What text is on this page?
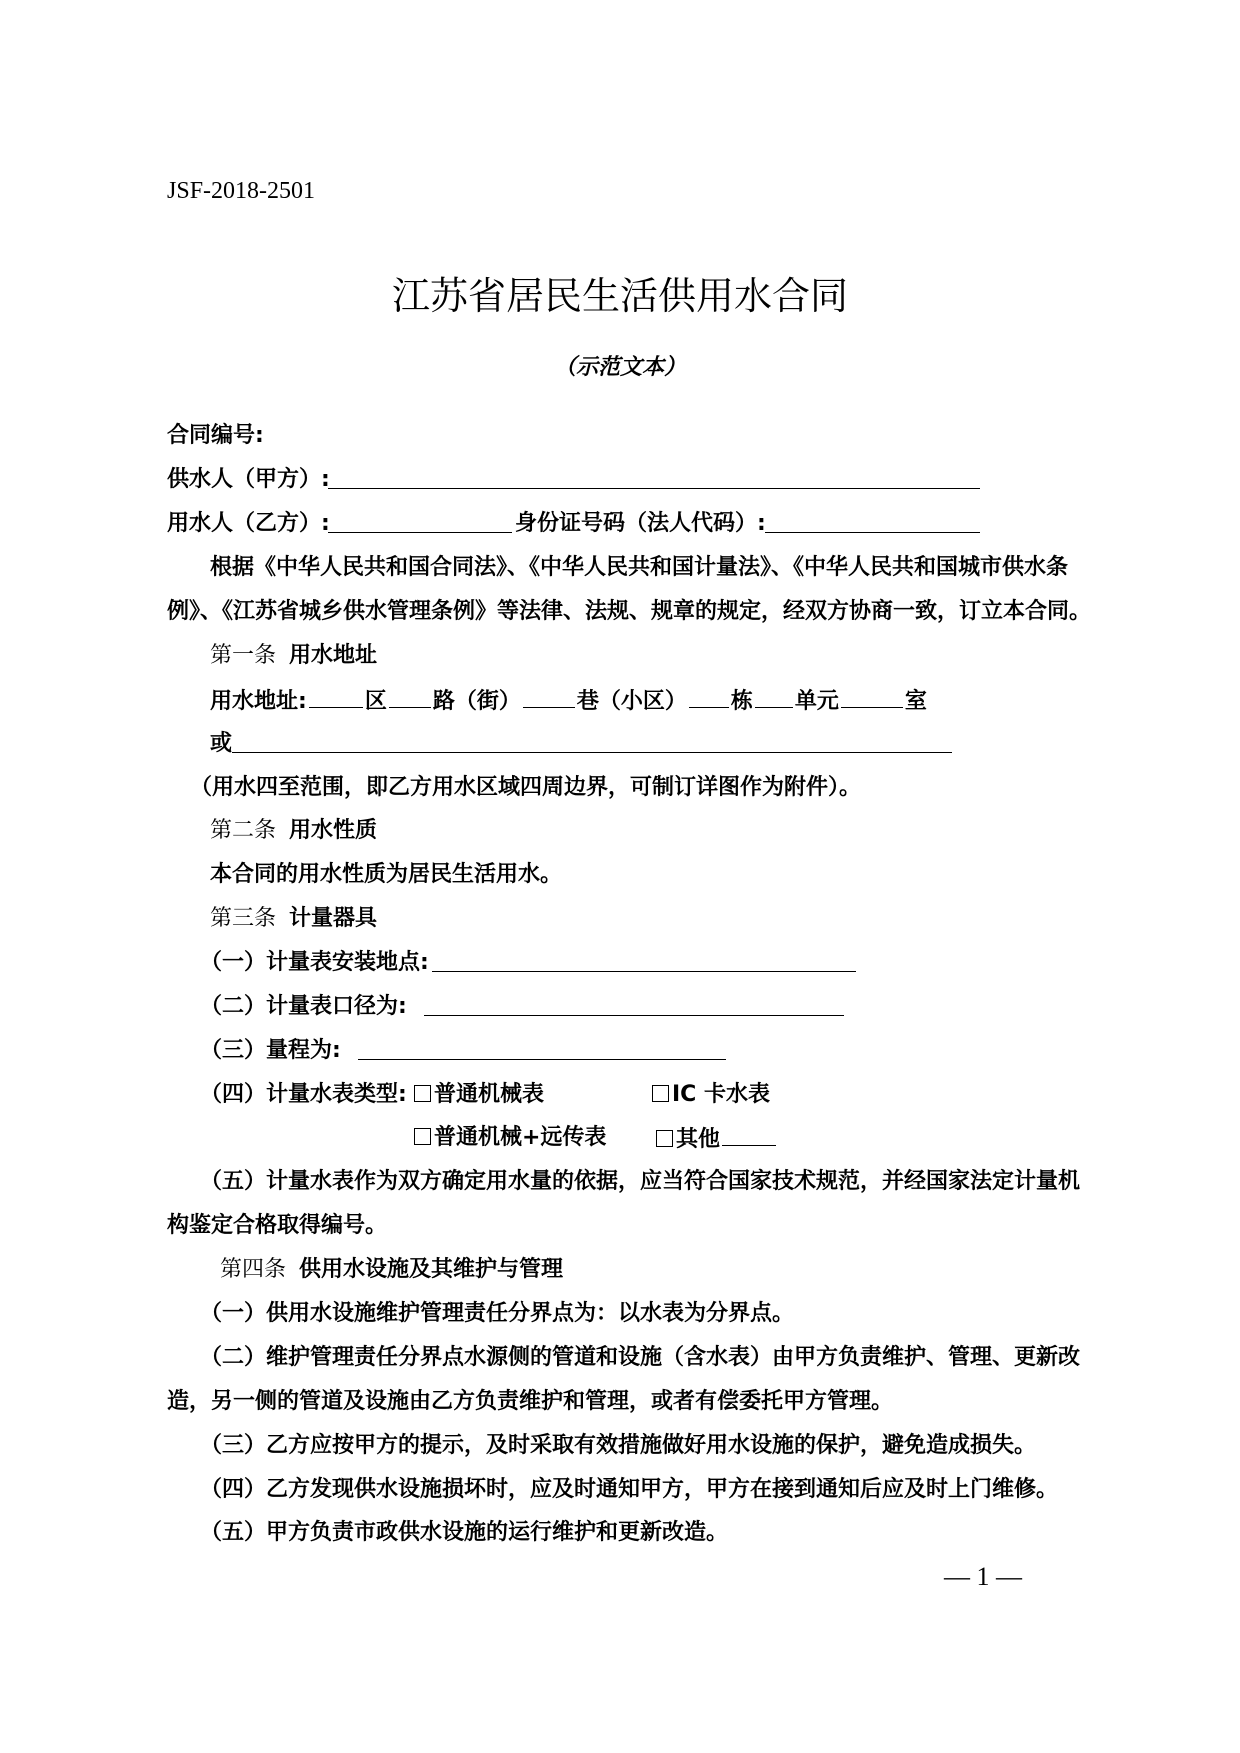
JSF-2018-2501
江苏省居民生活供用水合同
（示范文本）
合同编号:
供水人（甲方）:
用水人（乙方）:	身份证号码（法人代码）:
根据《中华人民共和国合同法》、《中华人民共和国计量法》、《中华人民共和国城市供水条
例》、《江苏省城乡供水管理条例》等法律、法规、规章的规定，经双方协商一致，订立本合同。
第一条 用水地址
用水地址:	区 路（街）	巷（小区） 栋 单元	室
或
（用水四至范围，即乙方用水区域四周边界，可制订详图作为附件）。
第二条 用水性质
本合同的用水性质为居民生活用水。
第三条 计量器具
（一）计量表安装地点:
（二）计量表口径为:
（三）量程为:
（四）计量水表类型:	普通机械表	IC 卡水表
普通机械+远传表	其他
（五）计量水表作为双方确定用水量的依据，应当符合国家技术规范，并经国家法定计量机
构鉴定合格取得编号。
第四条 供用水设施及其维护与管理
（一）供用水设施维护管理责任分界点为：以水表为分界点。
（二）维护管理责任分界点水源侧的管道和设施（含水表）由甲方负责维护、管理、更新改
造，另一侧的管道及设施由乙方负责维护和管理，或者有偿委托甲方管理。
（三）乙方应按甲方的提示，及时采取有效措施做好用水设施的保护，避免造成损失。
（四）乙方发现供水设施损坏时，应及时通知甲方，甲方在接到通知后应及时上门维修。
（五）甲方负责市政供水设施的运行维护和更新改造。
— 1 —
